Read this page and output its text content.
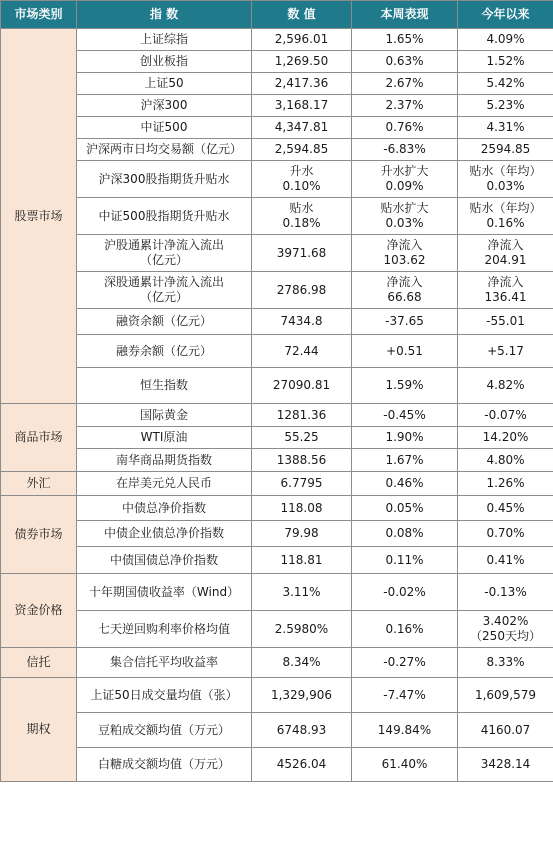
市场类别	指 数	数 值	本周表现	今年以来
股票市场	上证综指	2,596.01	1.65%	4.09%

	创业板指	1,269.50	0.63%	1.52%

	上证50	2,417.36	2.67%	5.42%

	沪深300	3,168.17	2.37%	5.23%

	中证500	4,347.81	0.76%	4.31%

	沪深两市日均交易额（亿元）	2,594.85	-6.83%	2594.85

	沪深300股指期货升贴水	升水
0.10%	升水扩大
0.09%	贴水（年均）
0.03%

	中证500股指期货升贴水	贴水
0.18%	贴水扩大
0.03%	贴水（年均）
0.16%

	沪股通累计净流入流出
（亿元）	3971.68	净流入
103.62	净流入
204.91

	深股通累计净流入流出
（亿元）	2786.98	净流入
66.68	净流入
136.41

	融资余额（亿元）	7434.8	-37.65	-55.01

	融券余额（亿元）	72.44	+0.51	+5.17

	恒生指数	27090.81	1.59%	4.82%

商品市场	国际黄金	1281.36	-0.45%	-0.07%

	WTI原油	55.25	1.90%	14.20%

	南华商品期货指数	1388.56	1.67%	4.80%

外汇	在岸美元兑人民币	6.7795	0.46%	1.26%

债券市场	中债总净价指数	118.08	0.05%	0.45%

	中债企业债总净价指数	79.98	0.08%	0.70%

	中债国债总净价指数	118.81	0.11%	0.41%

资金价格	十年期国债收益率（Wind）	3.11%	-0.02%	-0.13%

	七天逆回购利率价格均值	2.5980%	0.16%	3.402%
（250天均）

信托	集合信托平均收益率	8.34%	-0.27%	8.33%

期权	上证50日成交量均值（张）	1,329,906	-7.47%	1,609,579

	豆粕成交额均值（万元）	6748.93	149.84%	4160.07

	白糖成交额均值（万元）	4526.04	61.40%	3428.14
